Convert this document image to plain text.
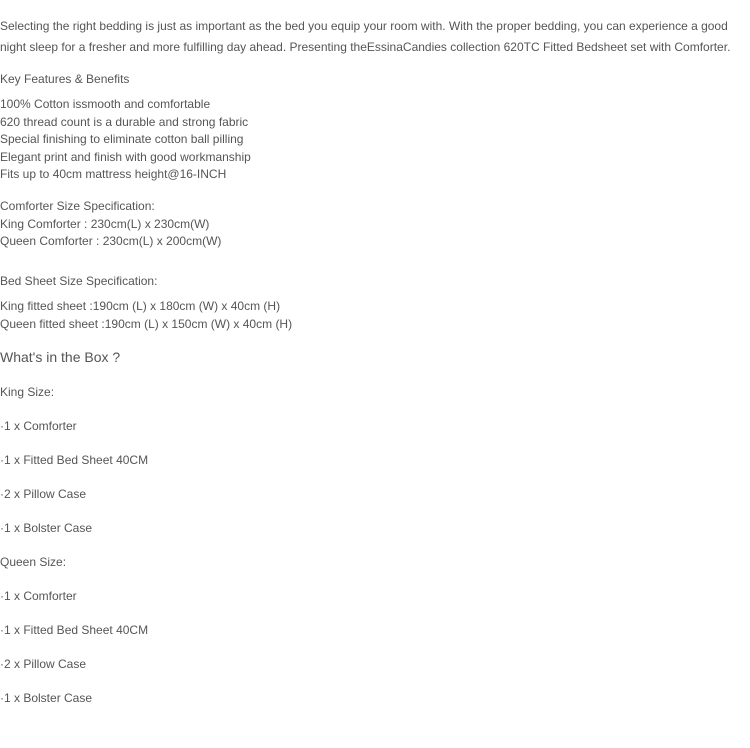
Selecting the right bedding is just as important as the bed you equip your room with. With the proper bedding, you can experience a good night sleep for a fresher and more fulfilling day ahead. Presenting theEssinaCandies collection 620TC Fitted Bedsheet set with Comforter.

Key Features & Benefits

100% Cotton issmooth and comfortable
620 thread count is a durable and strong fabric
Special finishing to eliminate cotton ball pilling
Elegant print and finish with good workmanship
Fits up to 40cm mattress height@16-INCH
Comforter Size Specification:
King Comforter : 230cm(L) x 230cm(W)
Queen Comforter : 230cm(L) x 200cm(W)

Bed Sheet Size Specification:

King fitted sheet :190cm (L) x 180cm (W) x 40cm (H)
Queen fitted sheet :190cm (L) x 150cm (W) x 40cm (H)
What's in the Box ?

King Size:

·1 x Comforter

·1 x Fitted Bed Sheet 40CM

·2 x Pillow Case

·1 x Bolster Case

Queen Size:

·1 x Comforter

·1 x Fitted Bed Sheet 40CM

·2 x Pillow Case

·1 x Bolster Case
